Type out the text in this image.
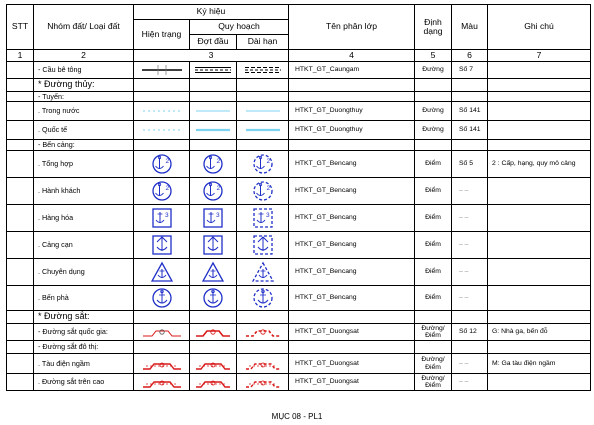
STT	Nhóm đất/ Loại đất	Ký hiệu			Tên phân lớp	Định dạng	Màu	Ghi chú
		Hiện trạng	Quy hoạch					
			Đợt đầu	Dài hạn				
1	2	3			4	5	6	7
	- Cầu bê tông				HTKT_GT_Caungam	Đường	Số 7	
	* Đường thủy:							
	- Tuyến:							
	. Trong nước				HTKT_GT_Duongthuy	Đường	Số 141	
	. Quốc tế				HTKT_GT_Duongthuy	Đường	Số 141	
	- Bến cảng:							
	. Tổng hợp	2	2	2	HTKT_GT_Bencang	Điểm	Số 5	2 : Cấp, hạng, quy mô cảng
	. Hành khách	2	2	2	HTKT_GT_Bencang	Điểm	– –	
	. Hàng hóa	3	3	3	HTKT_GT_Bencang	Điểm	– –	
	. Cảng cạn				HTKT_GT_Bencang	Điểm	– –	
	. Chuyên dụng				HTKT_GT_Bencang	Điểm	– –	
	. Bến phà				HTKT_GT_Bencang	Điểm	– –	
	* Đường sắt:							
	- Đường sắt quốc gia:				HTKT_GT_Duongsat	Đường/ Điểm	Số 12	G: Nhà ga, bến đỗ
	- Đường sắt đô thị:							
	. Tàu điện ngầm				HTKT_GT_Duongsat	Đường/ Điểm	– –	M: Ga tàu điện ngầm
	. Đường sắt trên cao				HTKT_GT_Duongsat	Đường/ Điểm	– –	
MỤC 08 - PL1
